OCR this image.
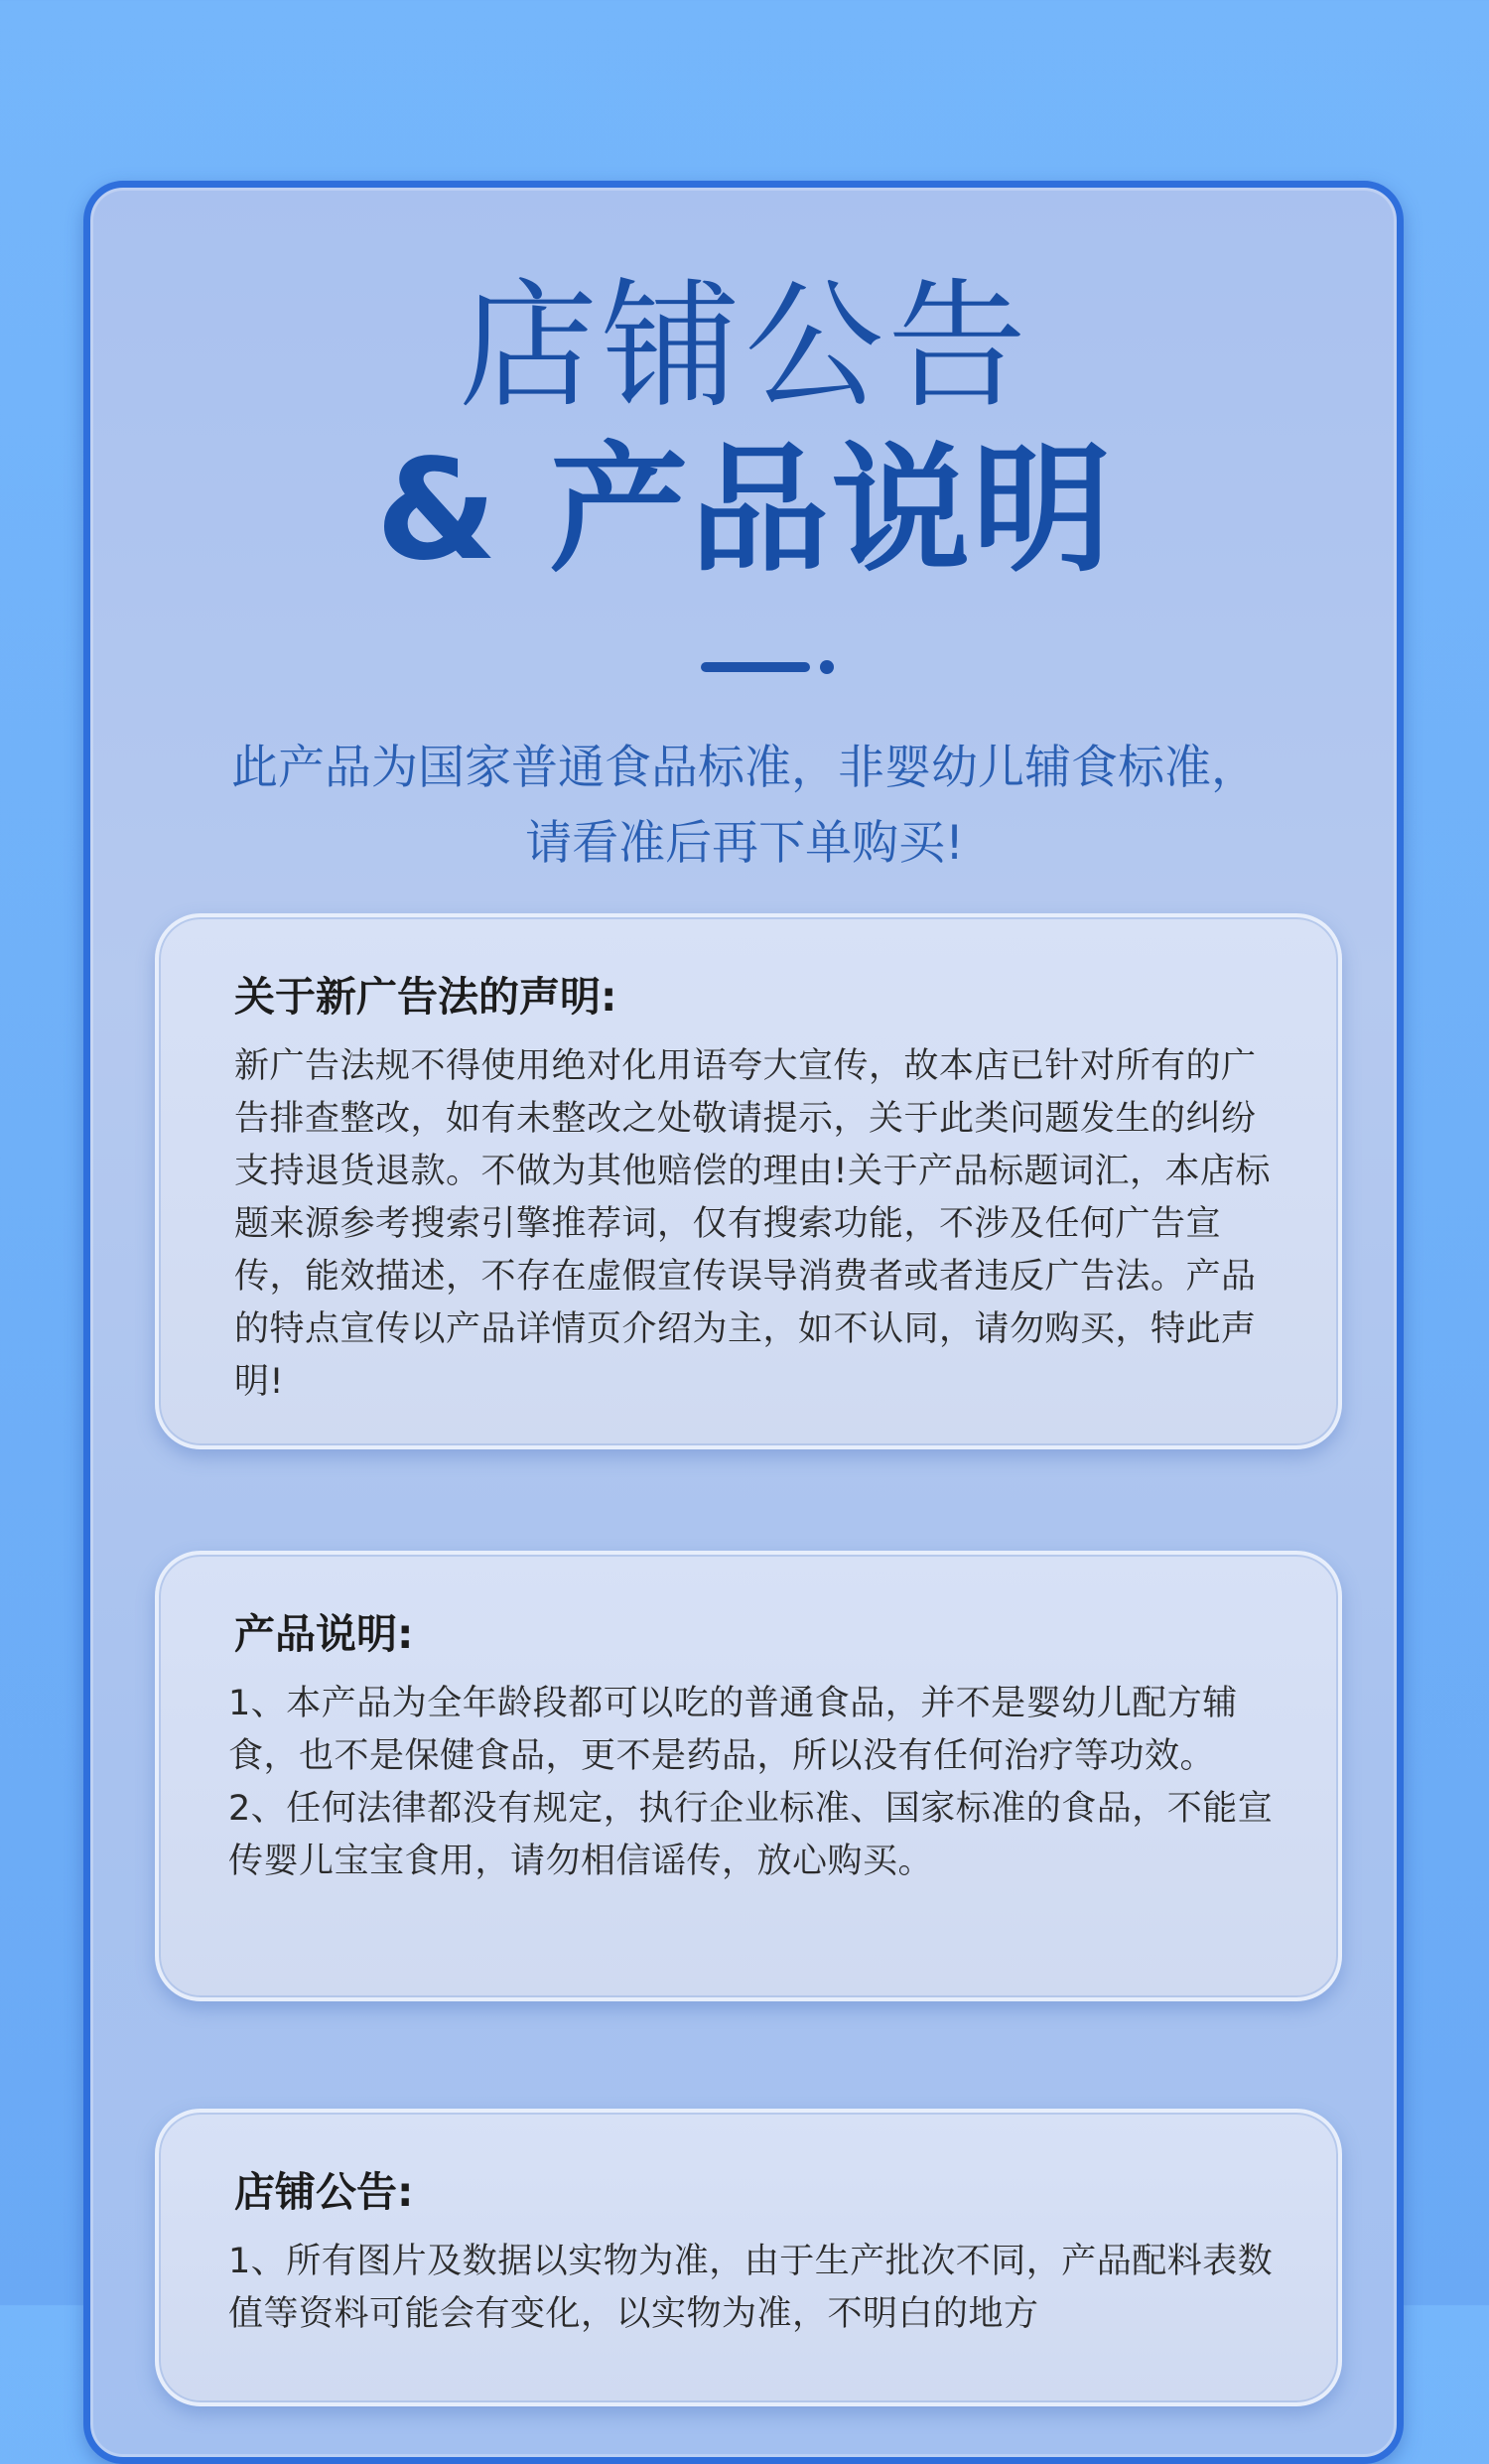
店铺公告
& 产品说明

此产品为国家普通食品标准，非婴幼儿辅食标准，

请看准后再下单购买!

关于新广告法的声明:

新广告法规不得使用绝对化用语夸大宣传，故本店已针对所有的广告排查整改，如有未整改之处敬请提示，关于此类问题发生的纠纷支持退货退款。不做为其他赔偿的理由!关于产品标题词汇，本店标题来源参考搜索引擎推荐词，仅有搜索功能，不涉及任何广告宣传，能效描述，不存在虚假宣传误导消费者或者违反广告法。产品的特点宣传以产品详情页介绍为主，如不认同，请勿购买，特此声明!

产品说明:

1、本产品为全年龄段都可以吃的普通食品，并不是婴幼儿配方辅食，也不是保健食品，更不是药品，所以没有任何治疗等功效。

2、任何法律都没有规定，执行企业标准、国家标准的食品，不能宣传婴儿宝宝食用，请勿相信谣传，放心购买。

店铺公告:

1、所有图片及数据以实物为准，由于生产批次不同，产品配料表数值等资料可能会有变化，以实物为准，不明白的地方
